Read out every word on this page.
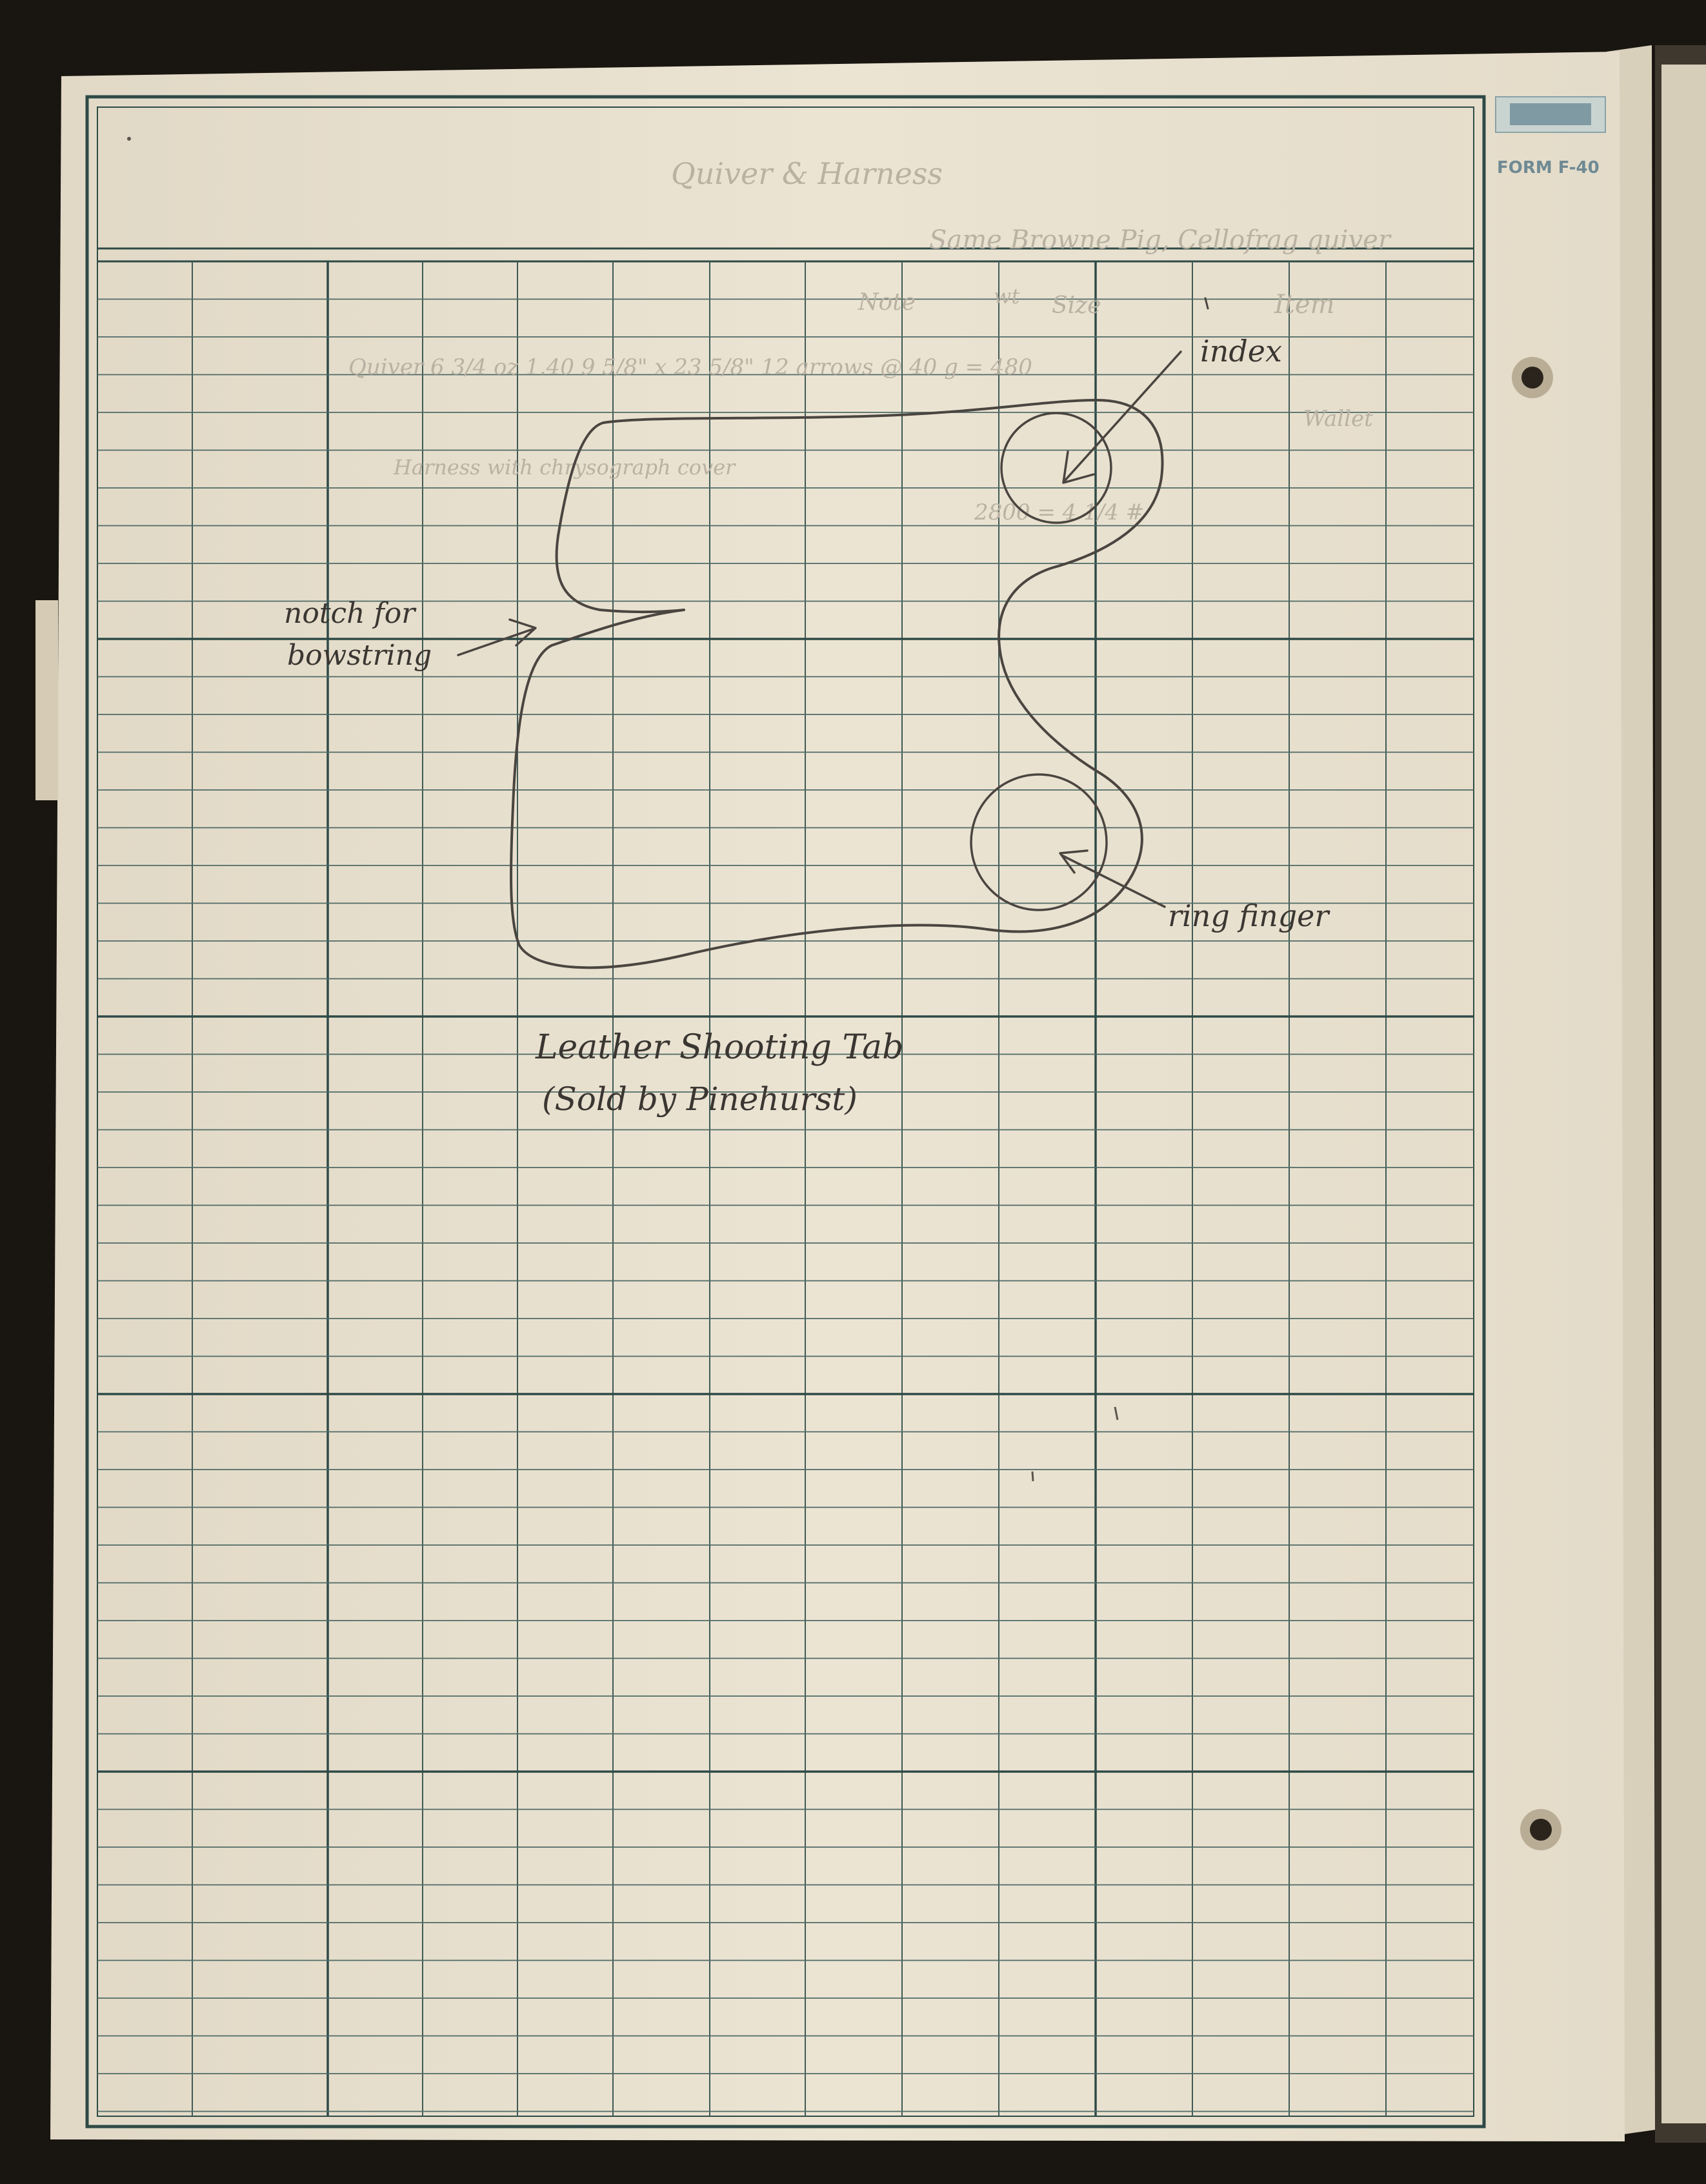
FORM F-40
Quiver & Harness
Same Browne Pig, Cellofrag quiver
Item
wt Size
Note
Quiver 6 3/4 oz 1.40 9 5/8" x 23 5/8" 12 arrows @ 40 g = 480
Wallet
Harness with chrysograph cover
2800 = 4 1/4 #
notch for
bowstring
index
ring finger
Leather Shooting Tab
(Sold by Pinehurst)
